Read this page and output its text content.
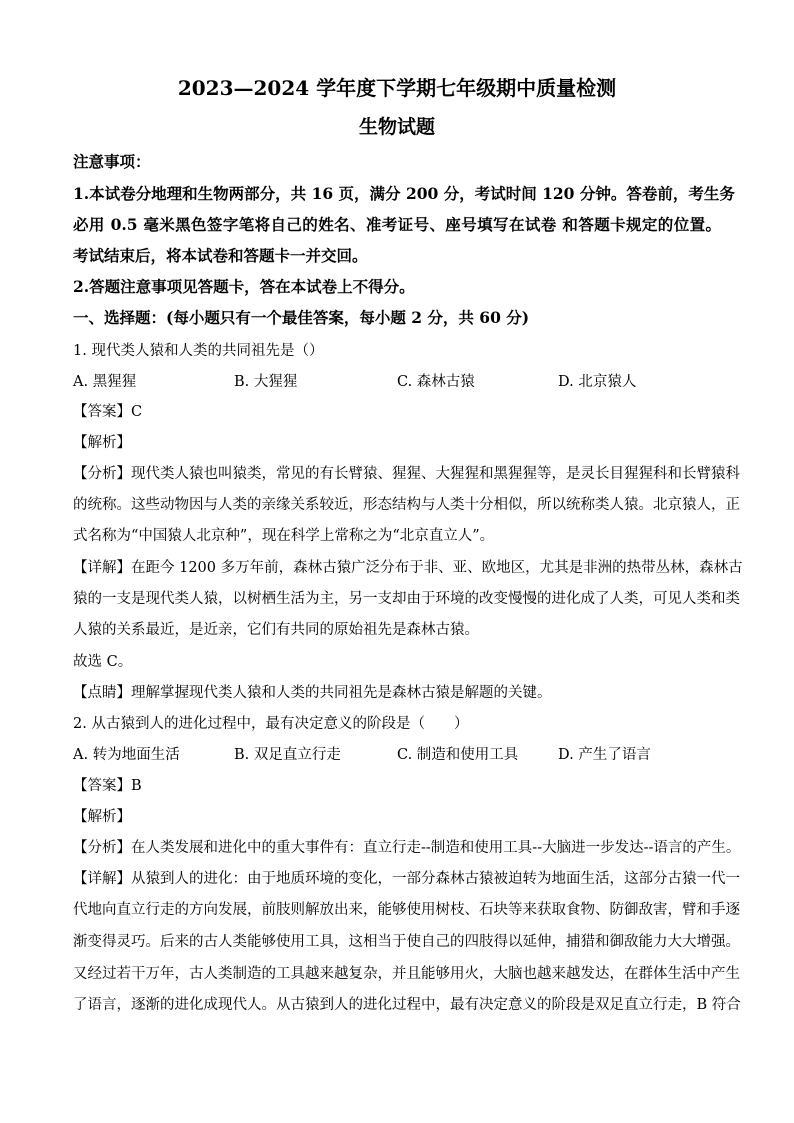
2023—2024 学年度下学期七年级期中质量检测
生物试题
注意事项：
1.本试卷分地理和生物两部分，共 16 页，满分 200 分，考试时间 120 分钟。答卷前，考生务
必用 0.5 毫米黑色签字笔将自己的姓名、准考证号、座号填写在试卷 和答题卡规定的位置。
考试结束后，将本试卷和答题卡一并交回。
2.答题注意事项见答题卡，答在本试卷上不得分。
一、选择题：(每小题只有一个最佳答案，每小题 2 分，共 60 分)
1. 现代类人猿和人类的共同祖先是（）
A. 黑猩猩	B. 大猩猩	C. 森林古猿	D. 北京猿人
【答案】C
【解析】
【分析】现代类人猿也叫猿类，常见的有长臂猿、猩猩、大猩猩和黑猩猩等，是灵长目猩猩科和长臂猿科
的统称。这些动物因与人类的亲缘关系较近，形态结构与人类十分相似，所以统称类人猿。北京猿人，正
式名称为“中国猿人北京种”，现在科学上常称之为“北京直立人”。
【详解】在距今 1200 多万年前，森林古猿广泛分布于非、亚、欧地区，尤其是非洲的热带丛林，森林古
猿的一支是现代类人猿，以树栖生活为主，另一支却由于环境的改变慢慢的进化成了人类，可见人类和类
人猿的关系最近，是近亲，它们有共同的原始祖先是森林古猿。
故选 C。
【点睛】理解掌握现代类人猿和人类的共同祖先是森林古猿是解题的关键。
2. 从古猿到人的进化过程中，最有决定意义的阶段是（　　）
A. 转为地面生活	B. 双足直立行走	C. 制造和使用工具	D. 产生了语言
【答案】B
【解析】
【分析】在人类发展和进化中的重大事件有：直立行走--制造和使用工具--大脑进一步发达--语言的产生。
【详解】从猿到人的进化：由于地质环境的变化，一部分森林古猿被迫转为地面生活，这部分古猿一代一
代地向直立行走的方向发展，前肢则解放出来，能够使用树枝、石块等来获取食物、防御敌害，臂和手逐
渐变得灵巧。后来的古人类能够使用工具，这相当于使自己的四肢得以延伸，捕猎和御敌能力大大增强。
又经过若干万年，古人类制造的工具越来越复杂，并且能够用火，大脑也越来越发达，在群体生活中产生
了语言，逐渐的进化成现代人。从古猿到人的进化过程中，最有决定意义的阶段是双足直立行走，B 符合
